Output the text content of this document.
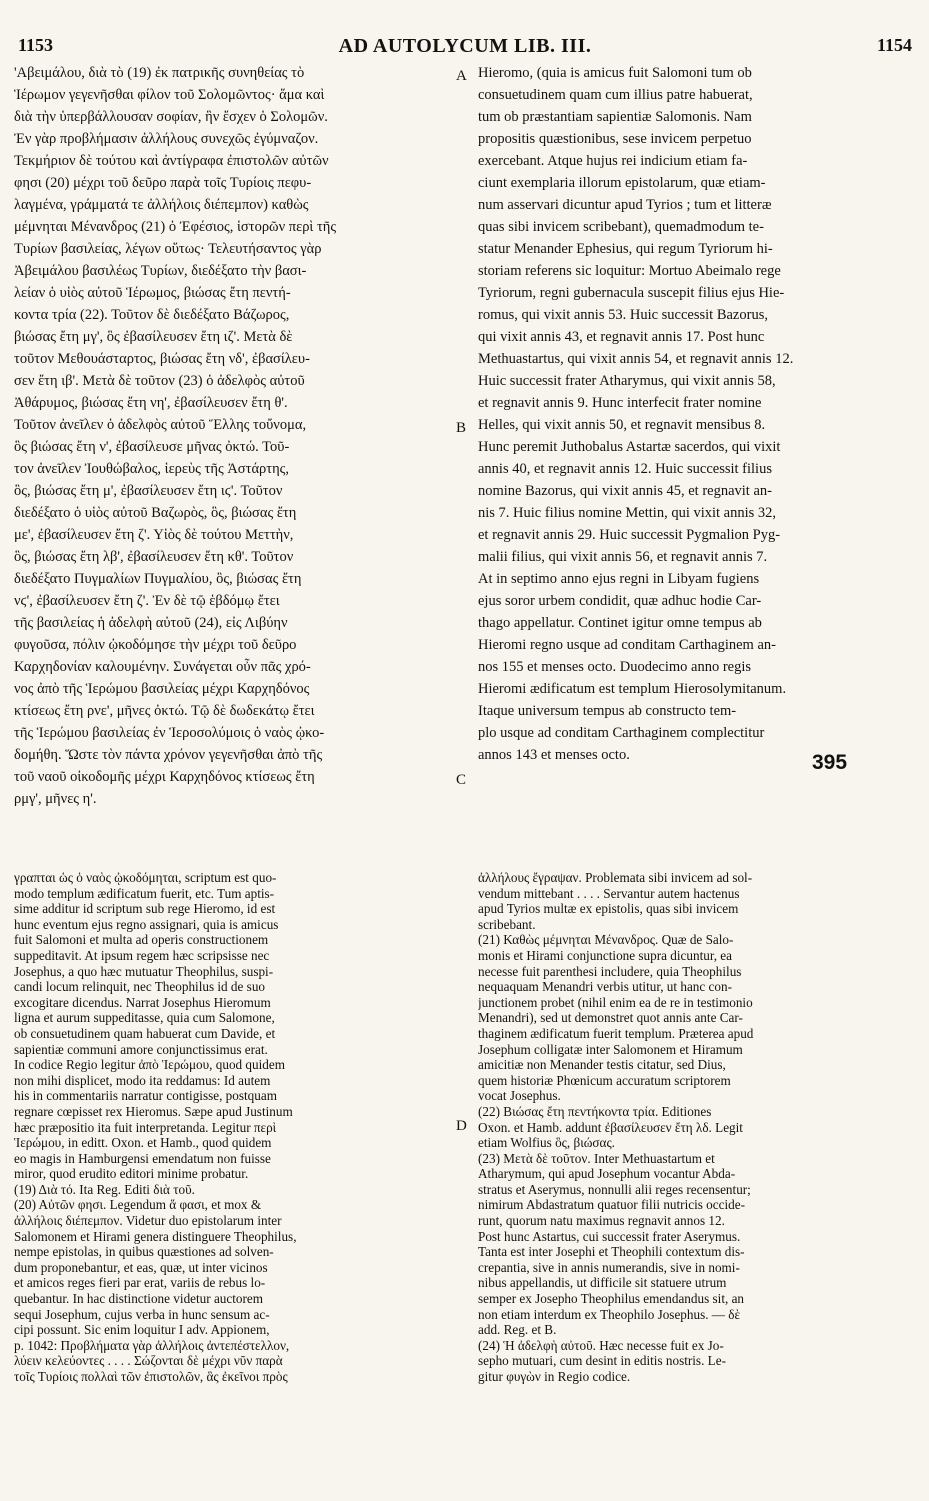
1153	AD AUTOLYCUM LIB. III.	1154

'Αβειμάλου, διὰ τὸ (19) ἐκ πατρικῆς συνηθείας τὸ

Ἱέρωμον γεγενῆσθαι φίλον τοῦ Σολομῶντος· ἅμα καὶ

διὰ τὴν ὑπερβάλλουσαν σοφίαν, ἣν ἔσχεν ὁ Σολομῶν.

Ἐν γὰρ προβλήμασιν ἀλλήλους συνεχῶς ἐγύμναζον.

Τεκμήριον δὲ τούτου καὶ ἀντίγραφα ἐπιστολῶν αὐτῶν

φησι (20) μέχρι τοῦ δεῦρο παρὰ τοῖς Τυρίοις πεφυ-

λαγμένα, γράμματά τε ἀλλήλοις διέπεμπον) καθὼς

μέμνηται Μένανδρος (21) ὁ Ἐφέσιος, ἱστορῶν περὶ τῆς

Τυρίων βασιλείας, λέγων οὕτως· Τελευτήσαντος γὰρ

Ἀβειμάλου βασιλέως Τυρίων, διεδέξατο τὴν βασι-

λείαν ὁ υἱὸς αὐτοῦ Ἱέρωμος, βιώσας ἔτη πεντή-

κοντα τρία (22). Τοῦτον δὲ διεδέξατο Βάζωρος,

βιώσας ἔτη μγ', ὃς ἐβασίλευσεν ἔτη ιζ'. Μετὰ δὲ

τοῦτον Μεθουάσταρτος, βιώσας ἔτη νδ', ἐβασίλευ-

σεν ἔτη ιβ'. Μετὰ δὲ τοῦτον (23) ὁ ἀδελφὸς αὐτοῦ

Ἀθάρυμος, βιώσας ἔτη νη', ἐβασίλευσεν ἔτη θ'.

Τοῦτον ἀνεῖλεν ὁ ἀδελφὸς αὐτοῦ Ἕλλης τοὔνομα,

ὃς βιώσας ἔτη ν', ἐβασίλευσε μῆνας ὀκτώ. Τοῦ-

τον ἀνεῖλεν Ἰουθώβαλος, ἱερεὺς τῆς Ἀστάρτης,

ὃς, βιώσας ἔτη μ', ἐβασίλευσεν ἔτη ιϛ'. Τοῦτον

διεδέξατο ὁ υἱὸς αὐτοῦ Βαζωρὸς, ὃς, βιώσας ἔτη

με', ἐβασίλευσεν ἔτη ζ'. Υἱὸς δὲ τούτου Μεττὴν,

ὃς, βιώσας ἔτη λβ', ἐβασίλευσεν ἔτη κθ'. Τοῦτον

διεδέξατο Πυγμαλίων Πυγμαλίου, ὃς, βιώσας ἔτη

νϛ', ἐβασίλευσεν ἔτη ζ'. Ἐν δὲ τῷ ἑβδόμῳ ἔτει

τῆς βασιλείας ἡ ἀδελφὴ αὐτοῦ (24), εἰς Λιβύην

φυγοῦσα, πόλιν ᾠκοδόμησε τὴν μέχρι τοῦ δεῦρο

Καρχηδονίαν καλουμένην. Συνάγεται οὖν πᾶς χρό-

νος ἀπὸ τῆς Ἱερώμου βασιλείας μέχρι Καρχηδόνος

κτίσεως ἔτη ρνε', μῆνες ὀκτώ. Τῷ δὲ δωδεκάτῳ ἔτει

τῆς Ἱερώμου βασιλείας ἐν Ἱεροσολύμοις ὁ ναὸς ᾠκο-

δομήθη. Ὥστε τὸν πάντα χρόνον γεγενῆσθαι ἀπὸ τῆς

τοῦ ναοῦ οἰκοδομῆς μέχρι Καρχηδόνος κτίσεως ἔτη

ρμγ', μῆνες η'.

Hieromo, (quia is amicus fuit Salomoni tum ob

consuetudinem quam cum illius patre habuerat,

tum ob præstantiam sapientiæ Salomonis. Nam

propositis quæstionibus, sese invicem perpetuo

exercebant. Atque hujus rei indicium etiam fa-

ciunt exemplaria illorum epistolarum, quæ etiam-

num asservari dicuntur apud Tyrios ; tum et litteræ

quas sibi invicem scribebant), quemadmodum te-

statur Menander Ephesius, qui regum Tyriorum hi-

storiam referens sic loquitur: Mortuo Abeimalo rege

Tyriorum, regni gubernacula suscepit filius ejus Hie-

romus, qui vixit annis 53. Huic successit Bazorus,

qui vixit annis 43, et regnavit annis 17. Post hunc

Methuastartus, qui vixit annis 54, et regnavit annis 12.

Huic successit frater Atharymus, qui vixit annis 58,

et regnavit annis 9. Hunc interfecit frater nomine

Helles, qui vixit annis 50, et regnavit mensibus 8.

Hunc peremit Juthobalus Astartæ sacerdos, qui vixit

annis 40, et regnavit annis 12. Huic successit filius

nomine Bazorus, qui vixit annis 45, et regnavit an-

nis 7. Huic filius nomine Mettin, qui vixit annis 32,

et regnavit annis 29. Huic successit Pygmalion Pyg-

malii filius, qui vixit annis 56, et regnavit annis 7.

At in septimo anno ejus regni in Libyam fugiens

ejus soror urbem condidit, quæ adhuc hodie Car-

thago appellatur. Continet igitur omne tempus ab

Hieromi regno usque ad conditam Carthaginem an-

nos 155 et menses octo. Duodecimo anno regis

Hieromi ædificatum est templum Hierosolymitanum.

Itaque universum tempus ab constructo tem-

plo usque ad conditam Carthaginem complectitur

annos 143 et menses octo.

A
B
C
D
395

γραπται ὡς ὁ ναὸς ᾠκοδόμηται, scriptum est quo-

modo templum ædificatum fuerit, etc. Tum aptis-

sime additur id scriptum sub rege Hieromo, id est

hunc eventum ejus regno assignari, quia is amicus

fuit Salomoni et multa ad operis constructionem

suppeditavit. At ipsum regem hæc scripsisse nec

Josephus, a quo hæc mutuatur Theophilus, suspi-

candi locum relinquit, nec Theophilus id de suo

excogitare dicendus. Narrat Josephus Hieromum

ligna et aurum suppeditasse, quia cum Salomone,

ob consuetudinem quam habuerat cum Davide, et

sapientiæ communi amore conjunctissimus erat.

In codice Regio legitur ἀπὸ Ἱερώμου, quod quidem

non mihi displicet, modo ita reddamus: Id autem

his in commentariis narratur contigisse, postquam

regnare cœpisset rex Hieromus. Sæpe apud Justinum

hæc præpositio ita fuit interpretanda. Legitur περὶ

Ἱερώμου, in editt. Oxon. et Hamb., quod quidem

eo magis in Hamburgensi emendatum non fuisse

miror, quod erudito editori minime probatur.

(19) Διὰ τό. Ita Reg. Editi διὰ τοῦ.

(20) Αὐτῶν φησι. Legendum ἅ φασι, et mox &

ἀλλήλοις διέπεμπον. Videtur duo epistolarum inter

Salomonem et Hirami genera distinguere Theophilus,

nempe epistolas, in quibus quæstiones ad solven-

dum proponebantur, et eas, quæ, ut inter vicinos

et amicos reges fieri par erat, variis de rebus lo-

quebantur. In hac distinctione videtur auctorem

sequi Josephum, cujus verba in hunc sensum ac-

cipi possunt. Sic enim loquitur I adv. Appionem,

p. 1042: Προβλήματα γὰρ ἀλλήλοις ἀντεπέστελλον,

λύειν κελεύοντες . . . . Σώζονται δὲ μέχρι νῦν παρὰ

τοῖς Τυρίοις πολλαὶ τῶν ἐπιστολῶν, ἃς ἐκεῖνοι πρὸς

ἀλλήλους ἔγραψαν. Problemata sibi invicem ad sol-

vendum mittebant . . . . Servantur autem hactenus

apud Tyrios multæ ex epistolis, quas sibi invicem

scribebant.

(21) Καθὼς μέμνηται Μένανδρος. Quæ de Salo-

monis et Hirami conjunctione supra dicuntur, ea

necesse fuit parenthesi includere, quia Theophilus

nequaquam Menandri verbis utitur, ut hanc con-

junctionem probet (nihil enim ea de re in testimonio

Menandri), sed ut demonstret quot annis ante Car-

thaginem ædificatum fuerit templum. Præterea apud

Josephum colligatæ inter Salomonem et Hiramum

amicitiæ non Menander testis citatur, sed Dius,

quem historiæ Phœnicum accuratum scriptorem

vocat Josephus.

(22) Βιώσας ἔτη πεντήκοντα τρία. Editiones

Oxon. et Hamb. addunt ἐβασίλευσεν ἔτη λδ. Legit

etiam Wolfius ὃς, βιώσας.

(23) Μετὰ δὲ τοῦτον. Inter Methuastartum et

Atharymum, qui apud Josephum vocantur Abda-

stratus et Aserymus, nonnulli alii reges recensentur;

nimirum Abdastratum quatuor filii nutricis occide-

runt, quorum natu maximus regnavit annos 12.

Post hunc Astartus, cui successit frater Aserymus.

Tanta est inter Josephi et Theophili contextum dis-

crepantia, sive in annis numerandis, sive in nomi-

nibus appellandis, ut difficile sit statuere utrum

semper ex Josepho Theophilus emendandus sit, an

non etiam interdum ex Theophilo Josephus. — δὲ

add. Reg. et B.

(24) Ἡ ἀδελφὴ αὐτοῦ. Hæc necesse fuit ex Jo-

sepho mutuari, cum desint in editis nostris. Le-

gitur φυγὼν in Regio codice.
